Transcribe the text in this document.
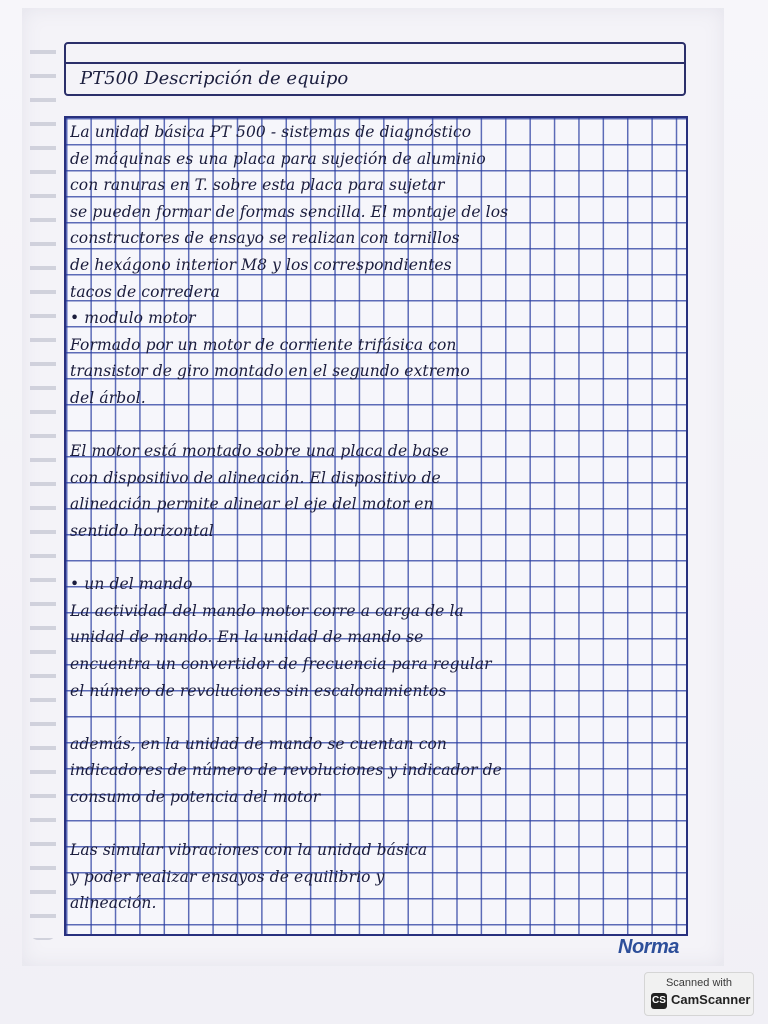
PT500 Descripción de equipo
La unidad básica PT 500 - sistemas de diagnóstico
de máquinas es una placa para sujeción de aluminio
con ranuras en T. sobre esta placa para sujetar
se pueden formar de formas sencilla. El montaje de los
constructores de ensayo se realizan con tornillos
de hexágono interior M8 y los correspondientes
tacos de corredera
• modulo motor
Formado por un motor de corriente trifásica con
transistor de giro montado en el segundo extremo
del árbol.
El motor está montado sobre una placa de base
con dispositivo de alineación. El dispositivo de
alineación permite alinear el eje del motor en
sentido horizontal
• un del mando
La actividad del mando motor corre a carga de la
unidad de mando. En la unidad de mando se
encuentra un convertidor de frecuencia para regular
el número de revoluciones sin escalonamientos
además, en la unidad de mando se cuentan con
indicadores de número de revoluciones y indicador de
consumo de potencia del motor
Las simular vibraciones con la unidad básica
y poder realizar ensayos de equilibrio y
alineación.
Norma
Scanned with
CS CamScanner
